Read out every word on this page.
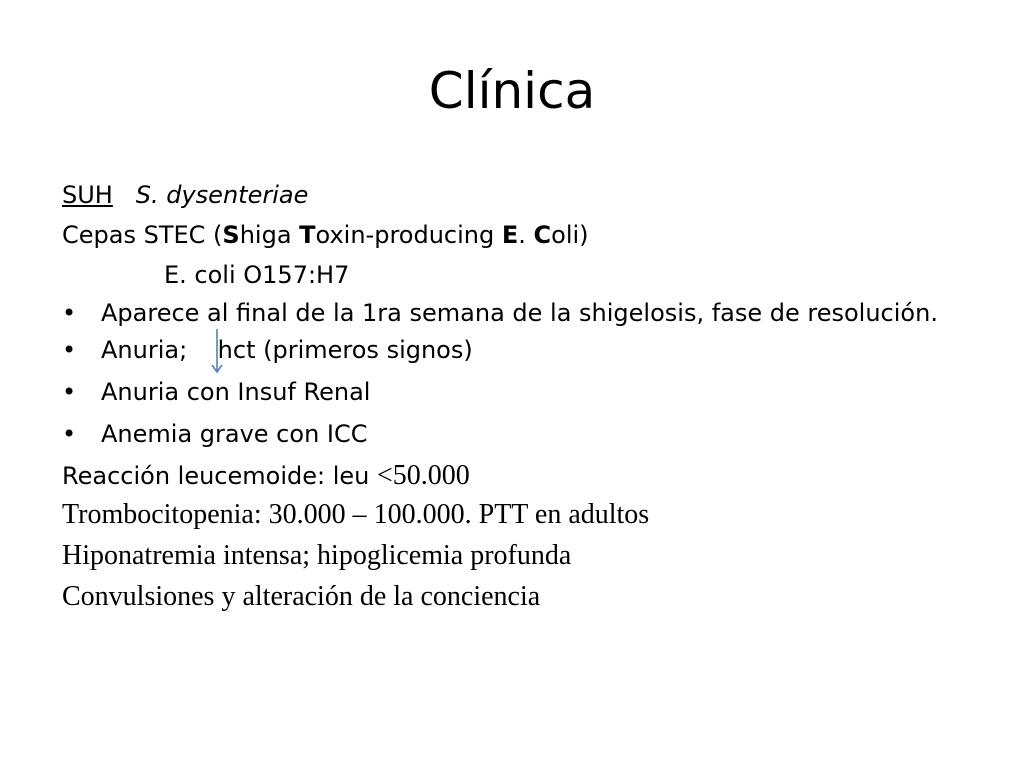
Clínica
SUH S. dysenteriae
Cepas STEC (Shiga Toxin-producing E. Coli)
E. coli O157:H7
• Aparece al final de la 1ra semana de la shigelosis, fase de resolución.
• Anuria;    hct (primeros signos)
• Anuria con Insuf Renal
• Anemia grave con ICC
Reacción leucemoide: leu <50.000
Trombocitopenia: 30.000 – 100.000. PTT en adultos
Hiponatremia intensa; hipoglicemia profunda
Convulsiones y alteración de la conciencia
